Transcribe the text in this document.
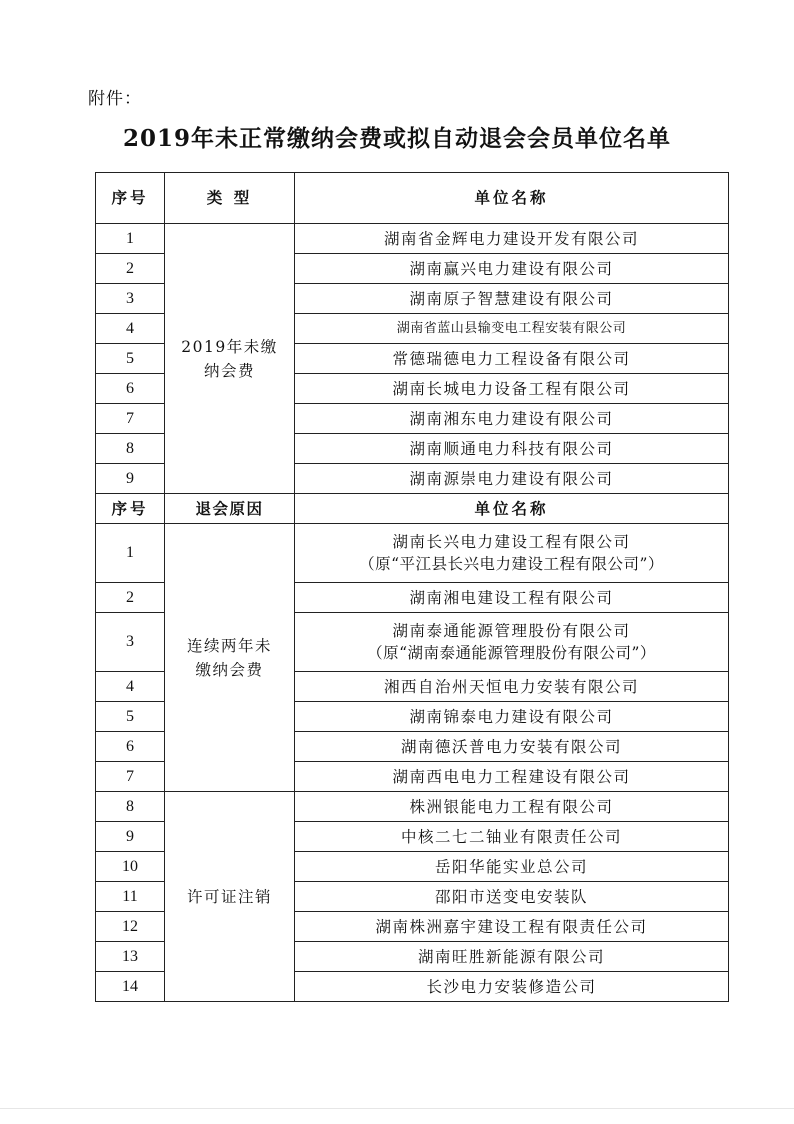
附件：
2019年未正常缴纳会费或拟自动退会会员单位名单
序号	类 型	单位名称
1	2019年未缴纳会费	湖南省金辉电力建设开发有限公司
2		湖南赢兴电力建设有限公司
3		湖南原子智慧建设有限公司
4		湖南省蓝山县输变电工程安装有限公司
5		常德瑞德电力工程设备有限公司
6		湖南长城电力设备工程有限公司
7		湖南湘东电力建设有限公司
8		湖南顺通电力科技有限公司
9		湖南源崇电力建设有限公司
序号	退会原因	单位名称
1	连续两年未缴纳会费	湖南长兴电力建设工程有限公司
（原“平江县长兴电力建设工程有限公司”）

2		湖南湘电建设工程有限公司
3		湖南泰通能源管理股份有限公司
（原“湖南泰通能源管理股份有限公司”）

4		湘西自治州天恒电力安装有限公司
5		湖南锦泰电力建设有限公司
6		湖南德沃普电力安装有限公司
7		湖南西电电力工程建设有限公司
8	许可证注销	株洲银能电力工程有限公司
9		中核二七二铀业有限责任公司
10		岳阳华能实业总公司
11		邵阳市送变电安装队
12		湖南株洲嘉宇建设工程有限责任公司
13		湖南旺胜新能源有限公司
14		长沙电力安装修造公司
